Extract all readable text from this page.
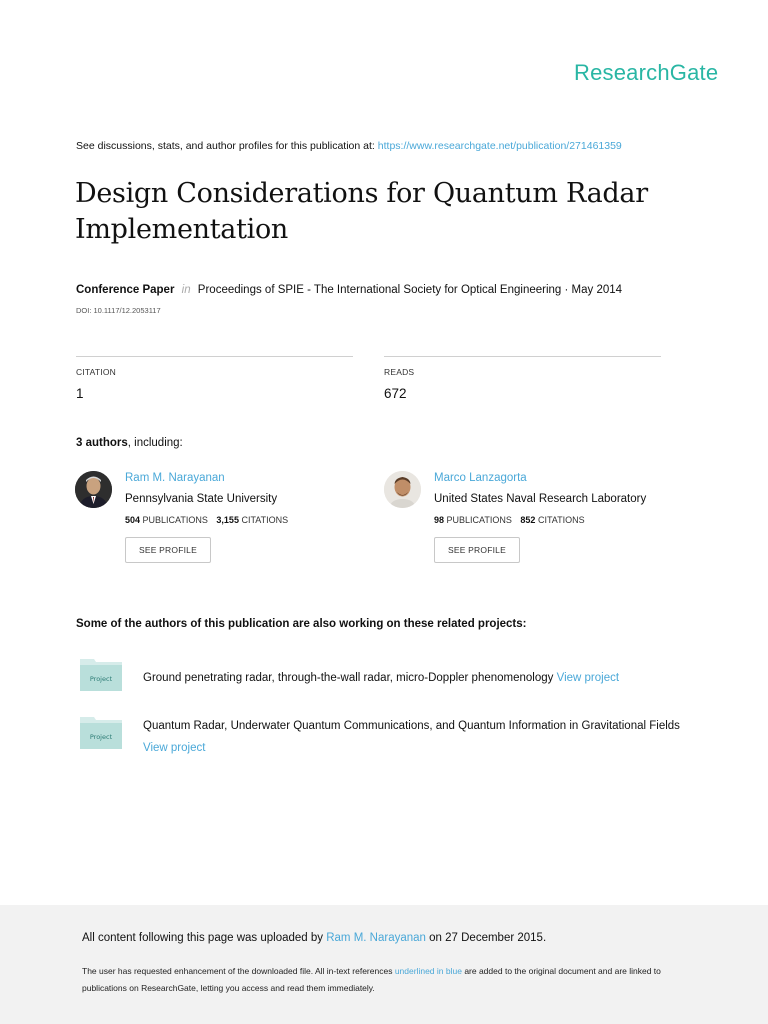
ResearchGate
See discussions, stats, and author profiles for this publication at: https://www.researchgate.net/publication/271461359
Design Considerations for Quantum Radar Implementation
Conference Paper in Proceedings of SPIE - The International Society for Optical Engineering · May 2014
DOI: 10.1117/12.2053117
CITATION
1
READS
672
3 authors, including:
Ram M. Narayanan
Pennsylvania State University
504 PUBLICATIONS 3,155 CITATIONS
SEE PROFILE
Marco Lanzagorta
United States Naval Research Laboratory
98 PUBLICATIONS 852 CITATIONS
SEE PROFILE
Some of the authors of this publication are also working on these related projects:
Project	Ground penetrating radar, through-the-wall radar, micro-Doppler phenomenology View project
Project
Quantum Radar, Underwater Quantum Communications, and Quantum Information in Gravitational Fields View project
All content following this page was uploaded by Ram M. Narayanan on 27 December 2015.
The user has requested enhancement of the downloaded file. All in-text references underlined in blue are added to the original document and are linked to publications on ResearchGate, letting you access and read them immediately.
